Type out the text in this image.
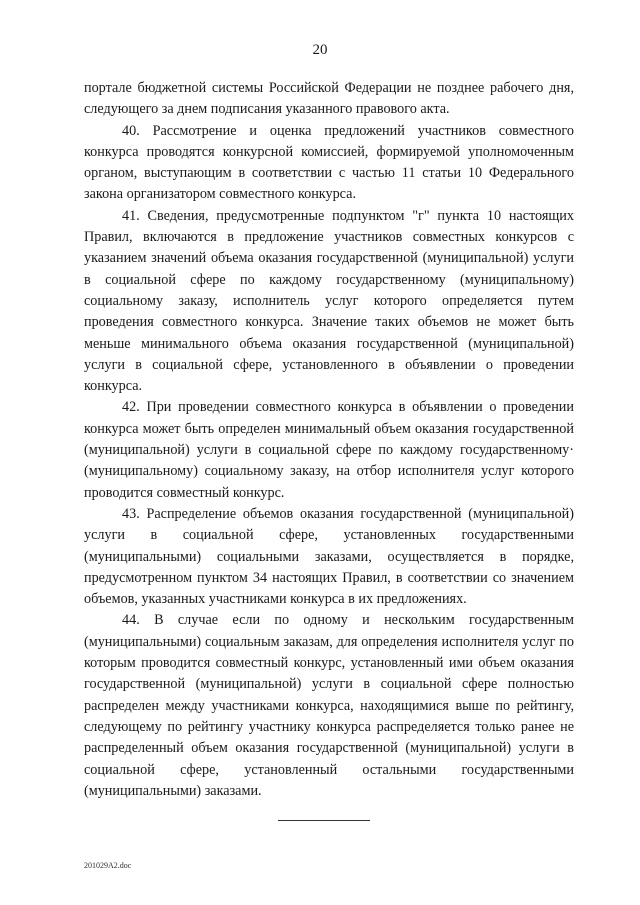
20

портале бюджетной системы Российской Федерации не позднее рабочего дня, следующего за днем подписания указанного правового акта.

40. Рассмотрение и оценка предложений участников совместного конкурса проводятся конкурсной комиссией, формируемой уполномоченным органом, выступающим в соответствии с частью 11 статьи 10 Федерального закона организатором совместного конкурса.

41. Сведения, предусмотренные подпунктом "г" пункта 10 настоящих Правил, включаются в предложение участников совместных конкурсов с указанием значений объема оказания государственной (муниципальной) услуги в социальной сфере по каждому государственному (муниципальному) социальному заказу, исполнитель услуг которого определяется путем проведения совместного конкурса. Значение таких объемов не может быть меньше минимального объема оказания государственной (муниципальной) услуги в социальной сфере, установленного в объявлении о проведении конкурса.

42. При проведении совместного конкурса в объявлении о проведении конкурса может быть определен минимальный объем оказания государственной (муниципальной) услуги в социальной сфере по каждому государственному· (муниципальному) социальному заказу, на отбор исполнителя услуг которого проводится совместный конкурс.

43. Распределение объемов оказания государственной (муниципальной) услуги в социальной сфере, установленных государственными (муниципальными) социальными заказами, осуществляется в порядке, предусмотренном пунктом 34 настоящих Правил, в соответствии со значением объемов, указанных участниками конкурса в их предложениях.

44. В случае если по одному и нескольким государственным (муниципальными) социальным заказам, для определения исполнителя услуг по которым проводится совместный конкурс, установленный ими объем оказания государственной (муниципальной) услуги в социальной сфере полностью распределен между участниками конкурса, находящимися выше по рейтингу, следующему по рейтингу участнику конкурса распределяется только ранее не распределенный объем оказания государственной (муниципальной) услуги в социальной сфере, установленный остальными государственными (муниципальными) заказами.

201029A2.doc
